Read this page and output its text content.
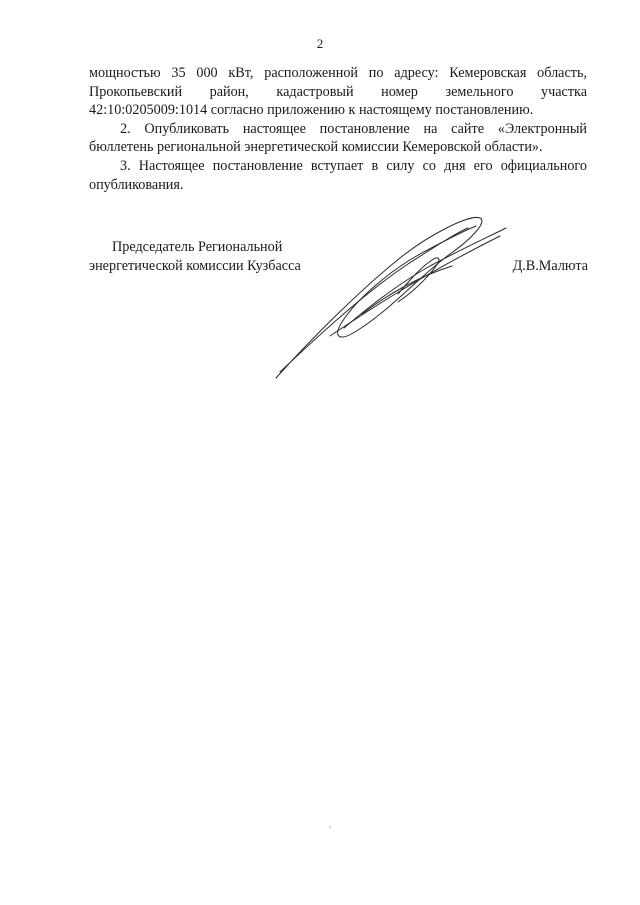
2

мощностью 35 000 кВт, расположенной по адресу: Кемеровская область,
Прокопьевский район, кадастровый номер земельного участка
42:10:0205009:1014 согласно приложению к настоящему постановлению.

2. Опубликовать настоящее постановление на сайте «Электронный
бюллетень региональной энергетической комиссии Кемеровской области».

3. Настоящее постановление вступает в силу со дня его официального
опубликования.

Председатель Региональной
энергетической комиссии Кузбасса	Д.В.Малюта
